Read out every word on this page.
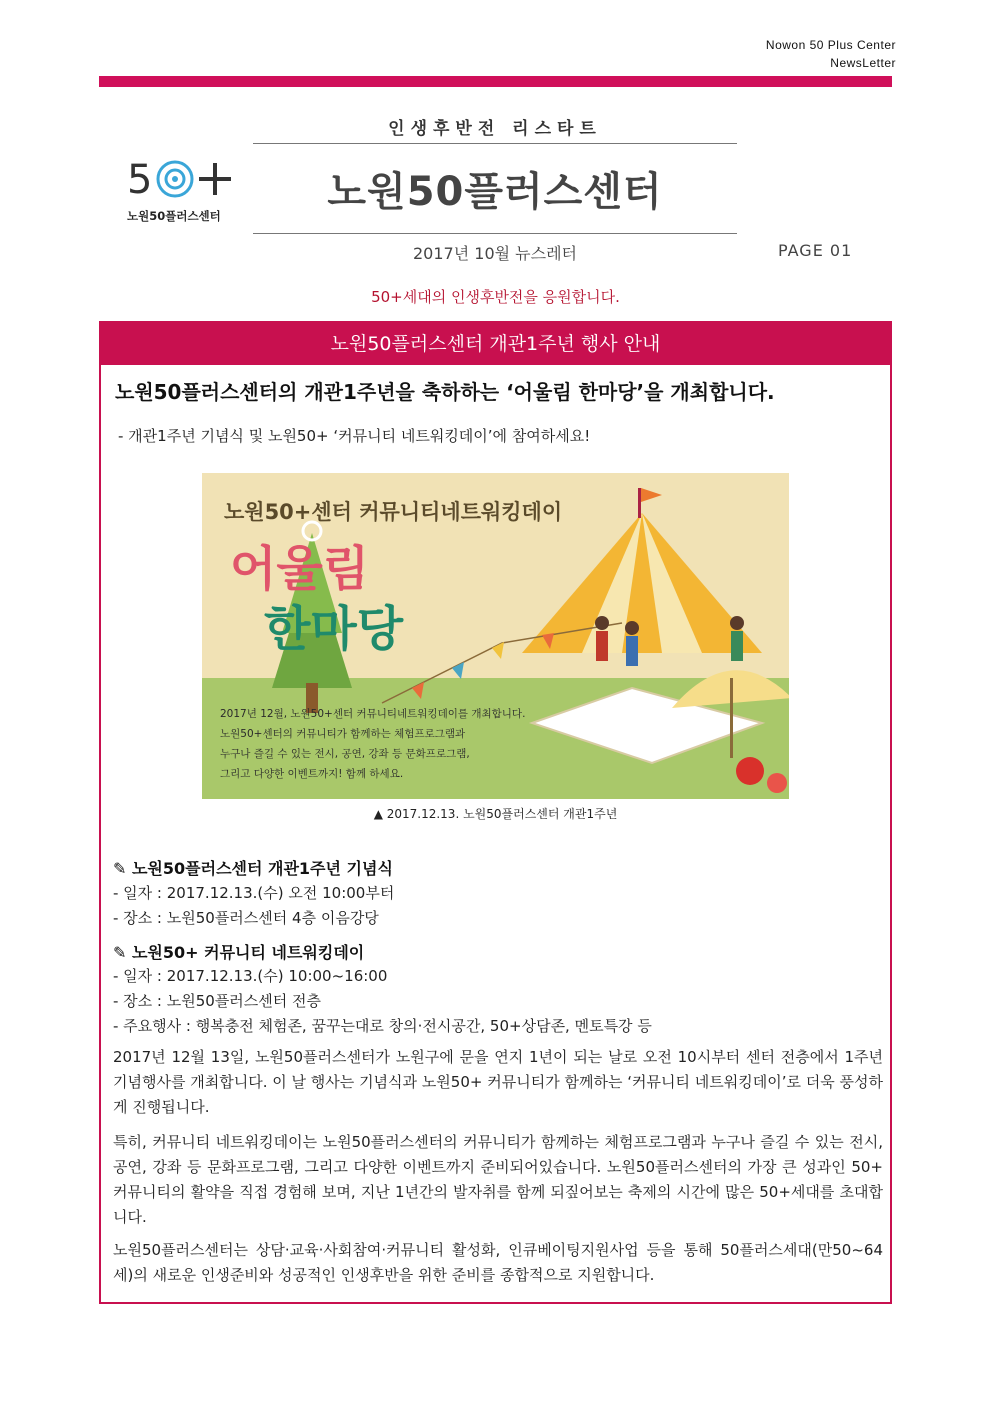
Nowon 50 Plus Center
NewsLetter
5
노원50플러스센터
인생후반전 리스타트
노원50플러스센터
2017년 10월 뉴스레터	PAGE 01
50+세대의 인생후반전을 응원합니다.
노원50플러스센터 개관1주년 행사 안내
노원50플러스센터의 개관1주년을 축하하는 ‘어울림 한마당’을 개최합니다.
- 개관1주년 기념식 및 노원50+ ‘커뮤니티 네트워킹데이’에 참여하세요!
노원50+센터 커뮤니티네트워킹데이
어울림
한마당
2017년 12월, 노원50+센터 커뮤니티네트워킹데이를 개최합니다.
노원50+센터의 커뮤니티가 함께하는 체험프로그램과
누구나 즐길 수 있는 전시, 공연, 강좌 등 문화프로그램,
그리고 다양한 이벤트까지! 함께 하세요.
▲ 2017.12.13. 노원50플러스센터 개관1주년
✎ 노원50플러스센터 개관1주년 기념식
- 일자 : 2017.12.13.(수) 오전 10:00부터
- 장소 : 노원50플러스센터 4층 이음강당
✎ 노원50+ 커뮤니티 네트워킹데이
- 일자 : 2017.12.13.(수) 10:00~16:00
- 장소 : 노원50플러스센터 전층
- 주요행사 : 행복충전 체험존, 꿈꾸는대로 창의·전시공간, 50+상담존, 멘토특강 등
2017년 12월 13일, 노원50플러스센터가 노원구에 문을 연지 1년이 되는 날로 오전 10시부터 센터 전층에서 1주년 기념행사를 개최합니다. 이 날 행사는 기념식과 노원50+ 커뮤니티가 함께하는 ‘커뮤니티 네트워킹데이’로 더욱 풍성하게 진행됩니다.
특히, 커뮤니티 네트워킹데이는 노원50플러스센터의 커뮤니티가 함께하는 체험프로그램과 누구나 즐길 수 있는 전시, 공연, 강좌 등 문화프로그램, 그리고 다양한 이벤트까지 준비되어있습니다. 노원50플러스센터의 가장 큰 성과인 50+ 커뮤니티의 활약을 직접 경험해 보며, 지난 1년간의 발자취를 함께 되짚어보는 축제의 시간에 많은 50+세대를 초대합니다.
노원50플러스센터는 상담·교육·사회참여·커뮤니티 활성화, 인큐베이팅지원사업 등을 통해 50플러스세대(만50~64세)의 새로운 인생준비와 성공적인 인생후반을 위한 준비를 종합적으로 지원합니다.
